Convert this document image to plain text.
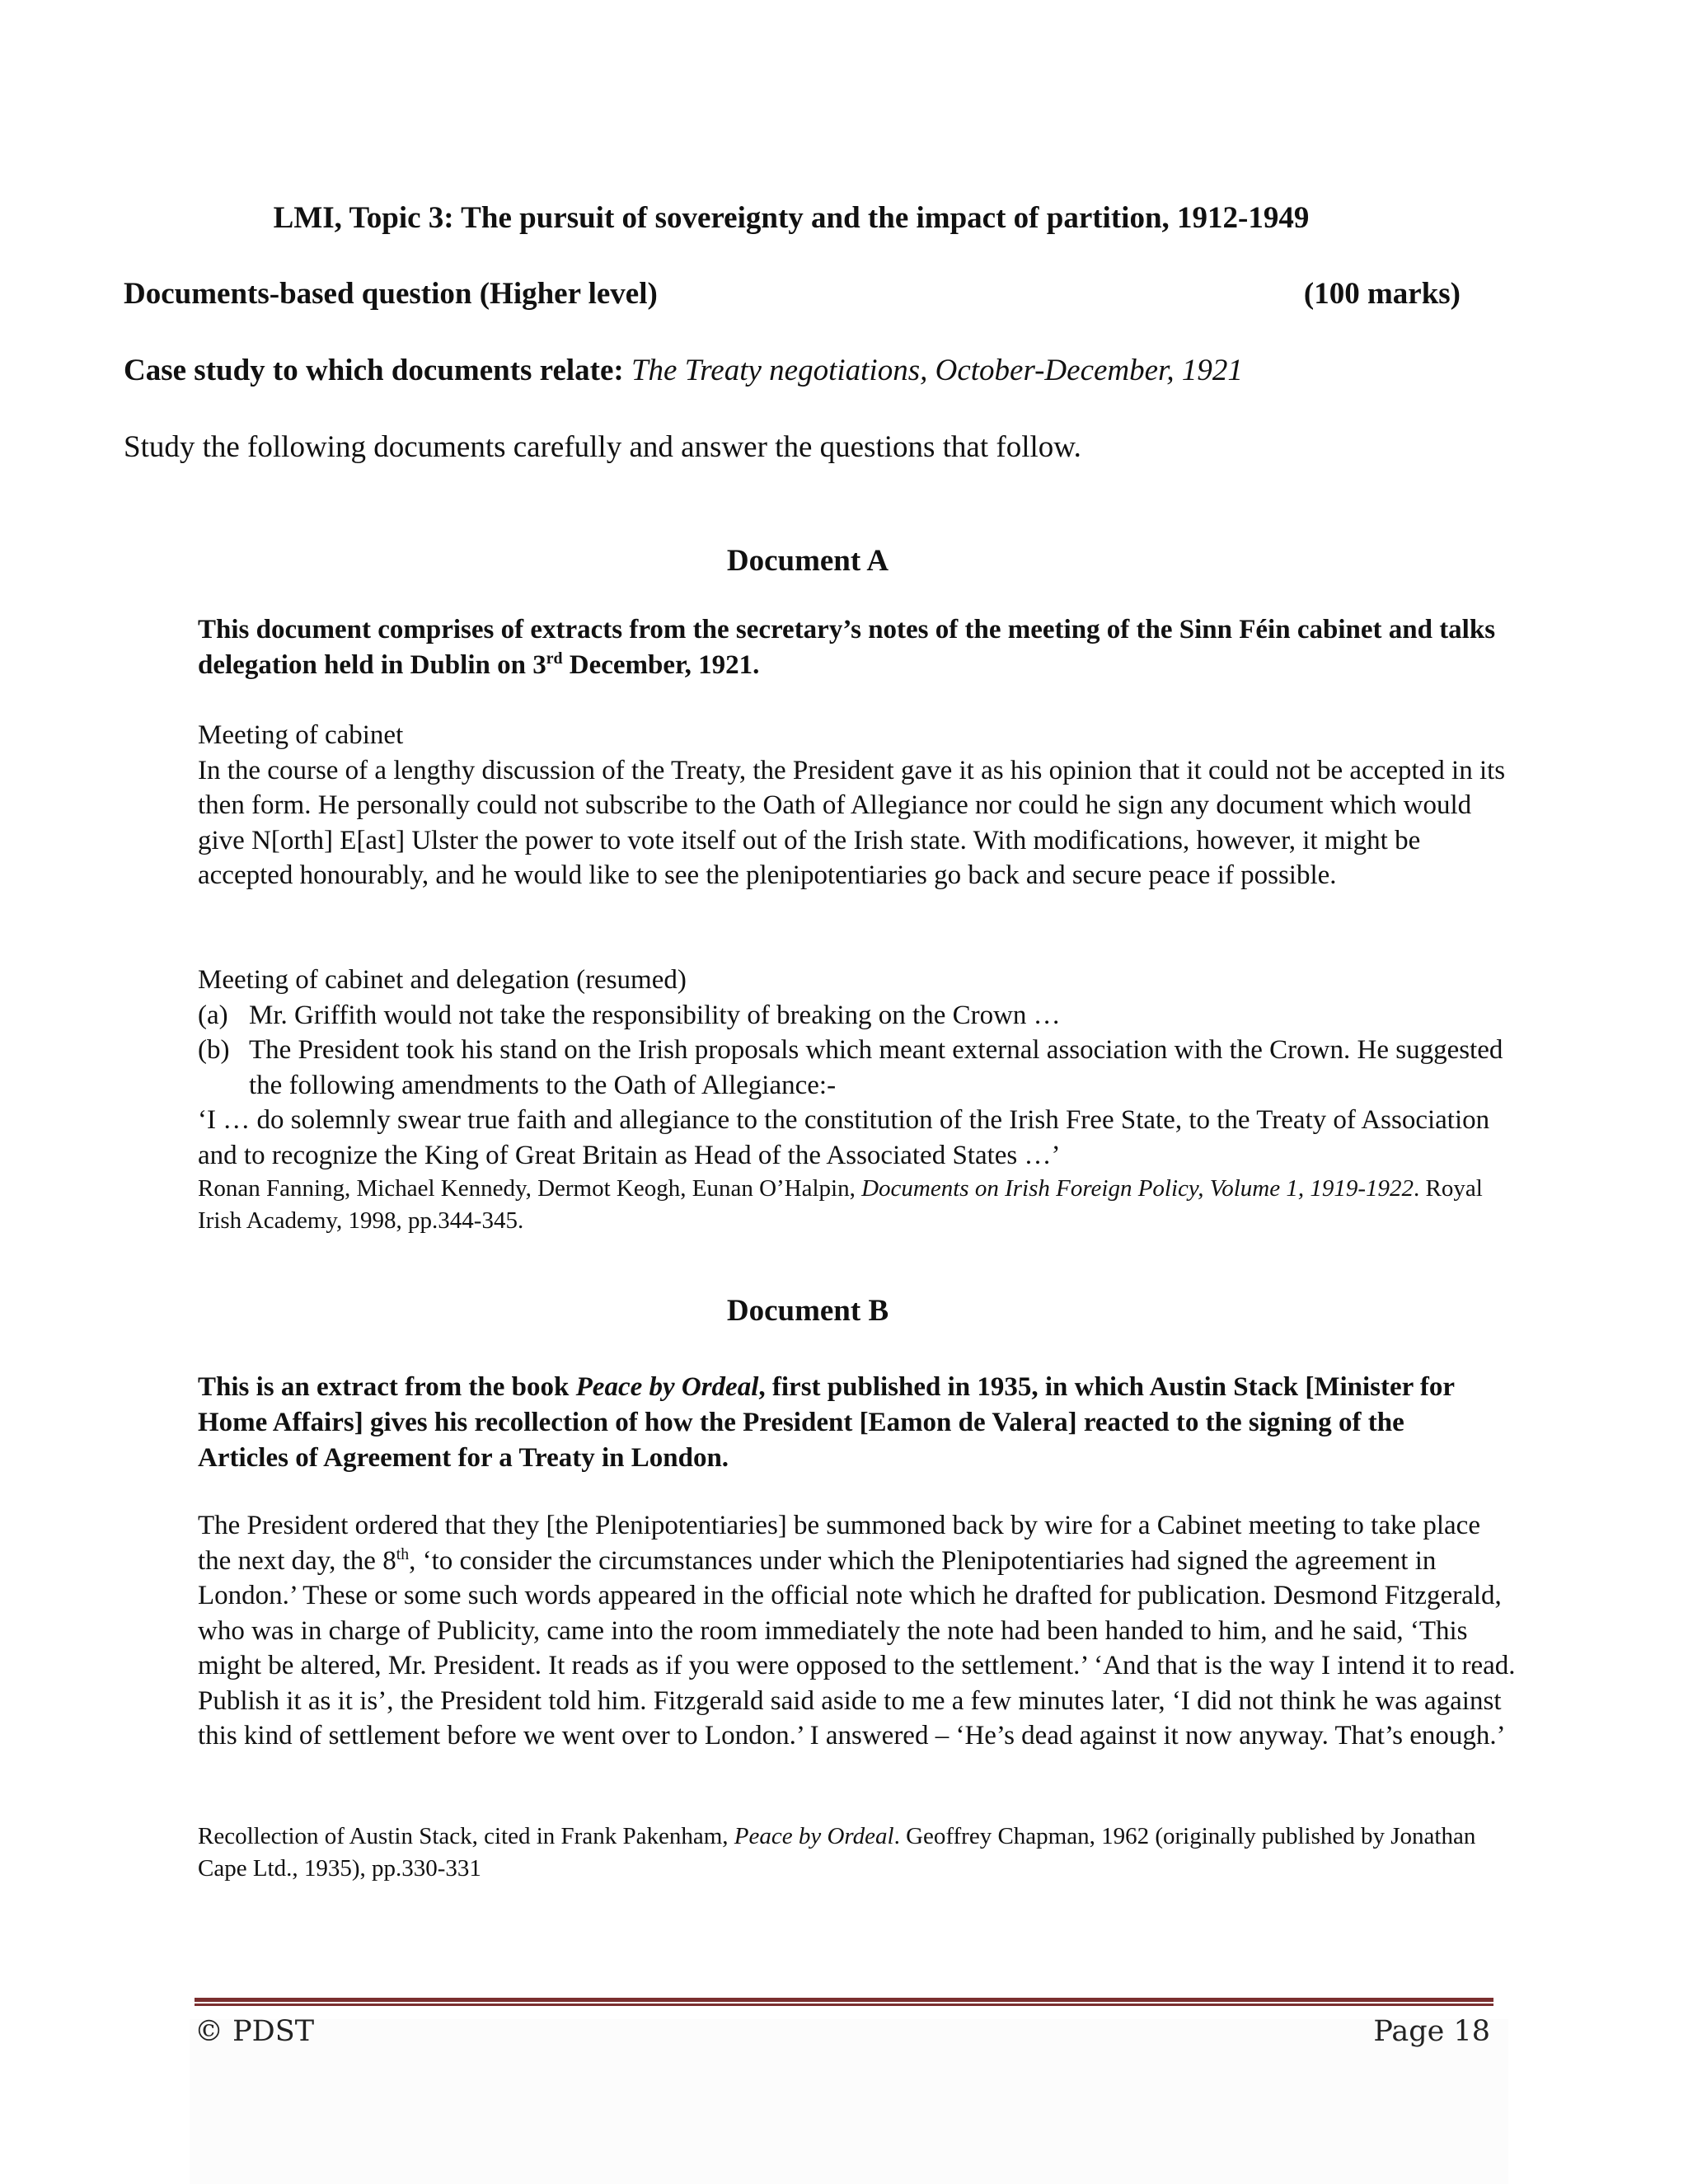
LMI, Topic 3: The pursuit of sovereignty and the impact of partition, 1912-1949
Documents-based question (Higher level)	(100 marks)
Case study to which documents relate: The Treaty negotiations, October-December, 1921
Study the following documents carefully and answer the questions that follow.
Document A
This document comprises of extracts from the secretary’s notes of the meeting of the Sinn Féin cabinet and talks delegation held in Dublin on 3rd December, 1921.

Meeting of cabinet

In the course of a lengthy discussion of the Treaty, the President gave it as his opinion that it could not be accepted in its then form. He personally could not subscribe to the Oath of Allegiance nor could he sign any document which would give N[orth] E[ast] Ulster the power to vote itself out of the Irish state. With modifications, however, it might be accepted honourably, and he would like to see the plenipotentiaries go back and secure peace if possible.

Meeting of cabinet and delegation (resumed)

(a) Mr. Griffith would not take the responsibility of breaking on the Crown …
(b) The President took his stand on the Irish proposals which meant external association with the Crown. He suggested the following amendments to the Oath of Allegiance:-

‘I … do solemnly swear true faith and allegiance to the constitution of the Irish Free State, to the Treaty of Association and to recognize the King of Great Britain as Head of the Associated States …’

Ronan Fanning, Michael Kennedy, Dermot Keogh, Eunan O’Halpin, Documents on Irish Foreign Policy, Volume 1, 1919-1922. Royal Irish Academy, 1998, pp.344-345.
Document B
This is an extract from the book Peace by Ordeal, first published in 1935, in which Austin Stack [Minister for Home Affairs] gives his recollection of how the President [Eamon de Valera] reacted to the signing of the Articles of Agreement for a Treaty in London.
The President ordered that they [the Plenipotentiaries] be summoned back by wire for a Cabinet meeting to take place the next day, the 8th, ‘to consider the circumstances under which the Plenipotentiaries had signed the agreement in London.’ These or some such words appeared in the official note which he drafted for publication. Desmond Fitzgerald, who was in charge of Publicity, came into the room immediately the note had been handed to him, and he said, ‘This might be altered, Mr. President. It reads as if you were opposed to the settlement.’ ‘And that is the way I intend it to read. Publish it as it is’, the President told him. Fitzgerald said aside to me a few minutes later, ‘I did not think he was against this kind of settlement before we went over to London.’ I answered – ‘He’s dead against it now anyway. That’s enough.’
Recollection of Austin Stack, cited in Frank Pakenham, Peace by Ordeal. Geoffrey Chapman, 1962 (originally published by Jonathan Cape Ltd., 1935), pp.330-331
© PDST	Page 18
